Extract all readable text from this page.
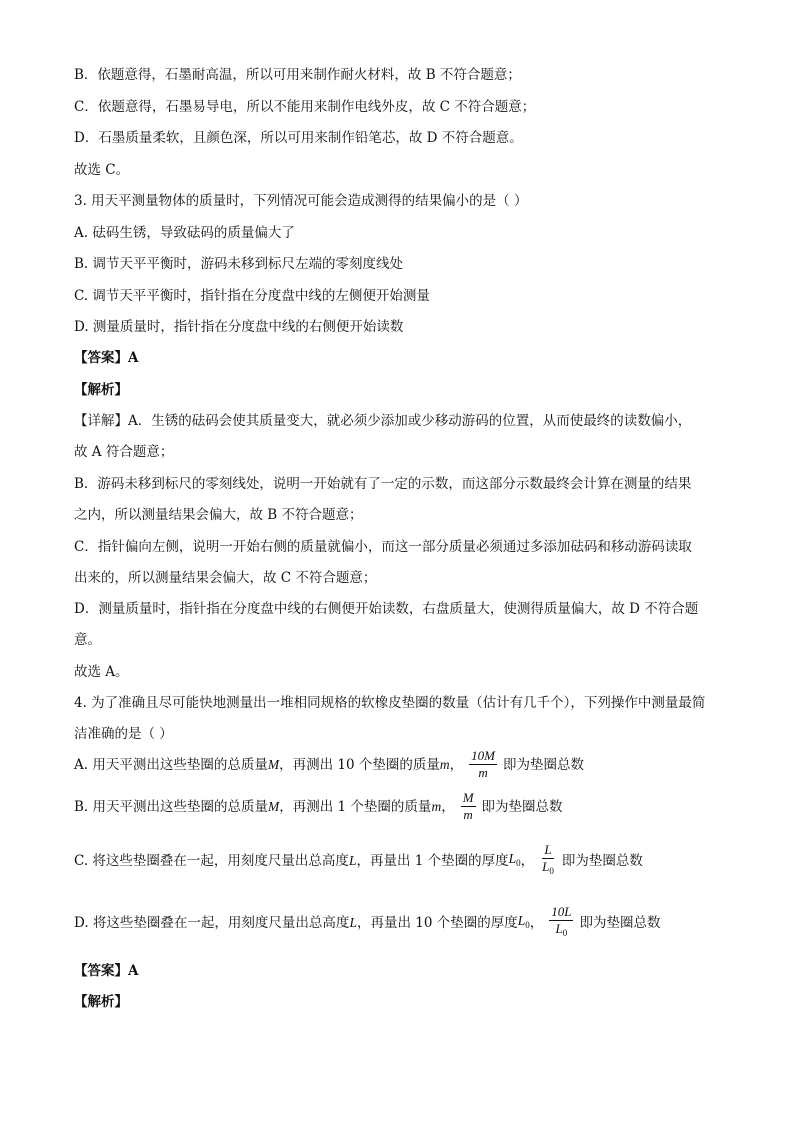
B．依题意得，石墨耐高温，所以可用来制作耐火材料，故 B 不符合题意；
C．依题意得，石墨易导电，所以不能用来制作电线外皮，故 C 不符合题意；
D．石墨质量柔软，且颜色深，所以可用来制作铅笔芯，故 D 不符合题意。
故选 C。
3. 用天平测量物体的质量时，下列情况可能会造成测得的结果偏小的是（ ）
A. 砝码生锈，导致砝码的质量偏大了
B. 调节天平平衡时，游码未移到标尺左端的零刻度线处
C. 调节天平平衡时，指针指在分度盘中线的左侧便开始测量
D. 测量质量时，指针指在分度盘中线的右侧便开始读数
【答案】A
【解析】
【详解】A．生锈的砝码会使其质量变大，就必须少添加或少移动游码的位置，从而使最终的读数偏小，
故 A 符合题意；
B．游码未移到标尺的零刻线处，说明一开始就有了一定的示数，而这部分示数最终会计算在测量的结果
之内，所以测量结果会偏大，故 B 不符合题意；
C．指针偏向左侧，说明一开始右侧的质量就偏小，而这一部分质量必须通过多添加砝码和移动游码读取
出来的，所以测量结果会偏大，故 C 不符合题意；
D．测量质量时，指针指在分度盘中线的右侧便开始读数，右盘质量大，使测得质量偏大，故 D 不符合题
意。
故选 A。
4. 为了准确且尽可能快地测量出一堆相同规格的软橡皮垫圈的数量（估计有几千个），下列操作中测量最简
洁准确的是（ ）
A. 用天平测出这些垫圈的总质量 M ，再测出 10 个垫圈的质量 m ， $\frac{10M}{m}$ 即为垫圈总数
B. 用天平测出这些垫圈的总质量 M ，再测出 1 个垫圈的质量 m ， $\frac{M}{m}$ 即为垫圈总数
C. 将这些垫圈叠在一起，用刻度尺量出总高度 L ，再量出 1 个垫圈的厚度 $L_0$ ， $\frac{L}{L_0}$ 即为垫圈总数
D. 将这些垫圈叠在一起，用刻度尺量出总高度 L ，再量出 10 个垫圈的厚度 $L_0$ ， $\frac{10L}{L_0}$ 即为垫圈总数
【答案】A
【解析】
